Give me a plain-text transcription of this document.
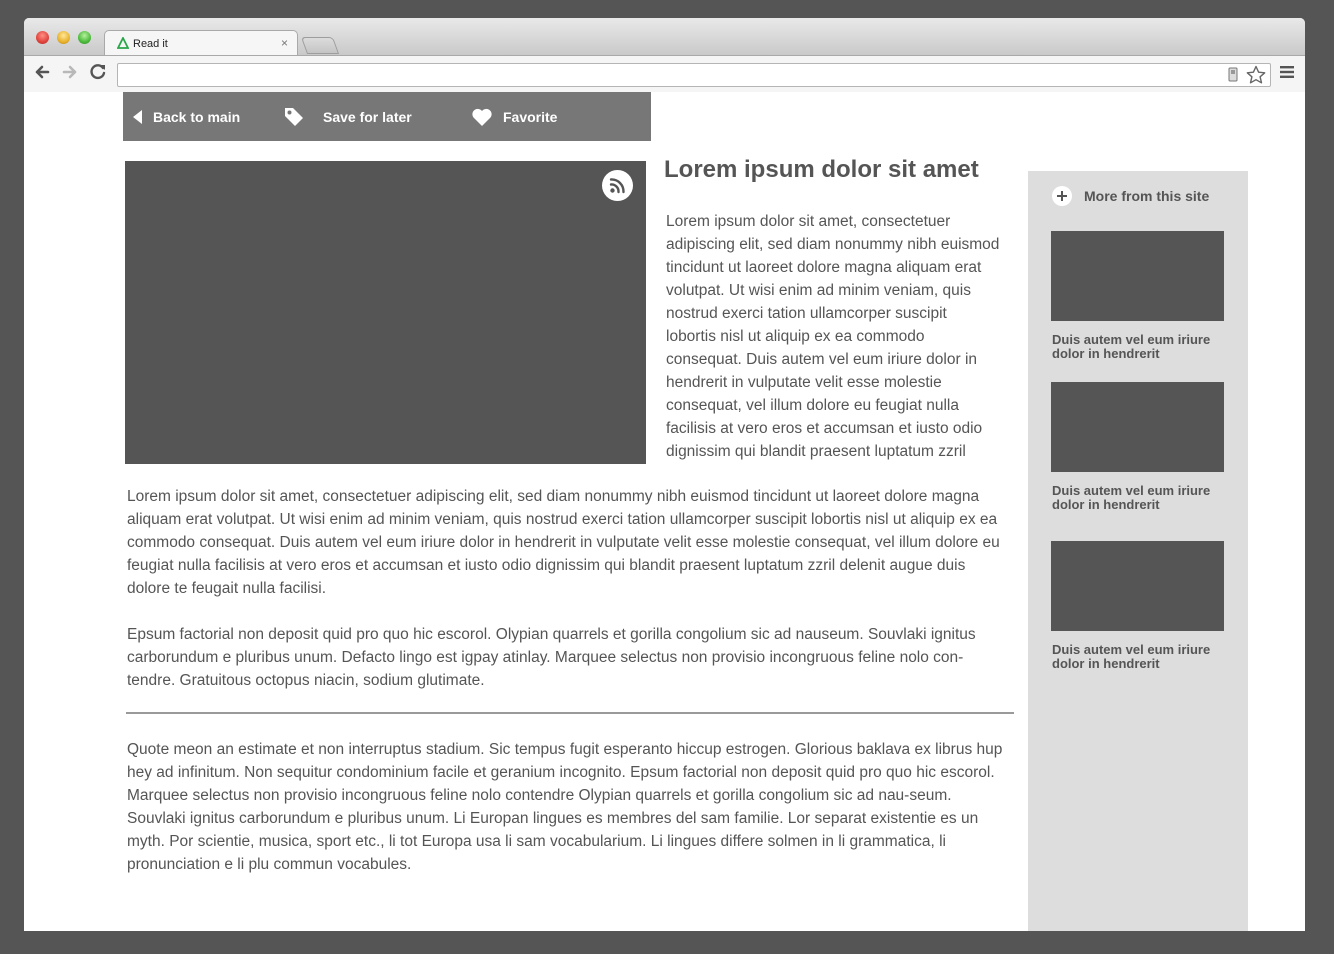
Read it	×
Back to main	Save for later	Favorite
Lorem ipsum dolor sit amet

Lorem ipsum dolor sit amet, consectetuer adipiscing elit, sed diam nonummy nibh euismod tincidunt ut laoreet dolore magna aliquam erat volutpat. Ut wisi enim ad minim veniam, quis nostrud exerci tation ullamcorper suscipit lobortis nisl ut aliquip ex ea commodo consequat. Duis autem vel eum iriure dolor in hendrerit in vulputate velit esse molestie consequat, vel illum dolore eu feugiat nulla facilisis at vero eros et accumsan et iusto odio dignissim qui blandit praesent luptatum zzril

Lorem ipsum dolor sit amet, consectetuer adipiscing elit, sed diam nonummy nibh euismod tincidunt ut laoreet dolore magna aliquam erat volutpat. Ut wisi enim ad minim veniam, quis nostrud exerci tation ullamcorper suscipit lobortis nisl ut aliquip ex ea commodo consequat. Duis autem vel eum iriure dolor in hendrerit in vulputate velit esse molestie consequat, vel illum dolore eu feugiat nulla facilisis at vero eros et accumsan et iusto odio dignissim qui blandit praesent luptatum zzril delenit augue duis dolore te feugait nulla facilisi.

Epsum factorial non deposit quid pro quo hic escorol. Olypian quarrels et gorilla congolium sic ad nauseum. Souvlaki ignitus carborundum e pluribus unum. Defacto lingo est igpay atinlay. Marquee selectus non provisio incongruous feline nolo con-tendre. Gratuitous octopus niacin, sodium glutimate.

Quote meon an estimate et non interruptus stadium. Sic tempus fugit esperanto hiccup estrogen. Glorious baklava ex librus hup hey ad infinitum. Non sequitur condominium facile et geranium incognito. Epsum factorial non deposit quid pro quo hic escorol. Marquee selectus non provisio incongruous feline nolo contendre Olypian quarrels et gorilla congolium sic ad nau-seum. Souvlaki ignitus carborundum e pluribus unum. Li Europan lingues es membres del sam familie. Lor separat existentie es un myth. Por scientie, musica, sport etc., li tot Europa usa li sam vocabularium. Li lingues differe solmen in li grammatica, li pronunciation e li plu commun vocabules.

More from this site

Duis autem vel eum iriure dolor in hendrerit

Duis autem vel eum iriure dolor in hendrerit

Duis autem vel eum iriure dolor in hendrerit
